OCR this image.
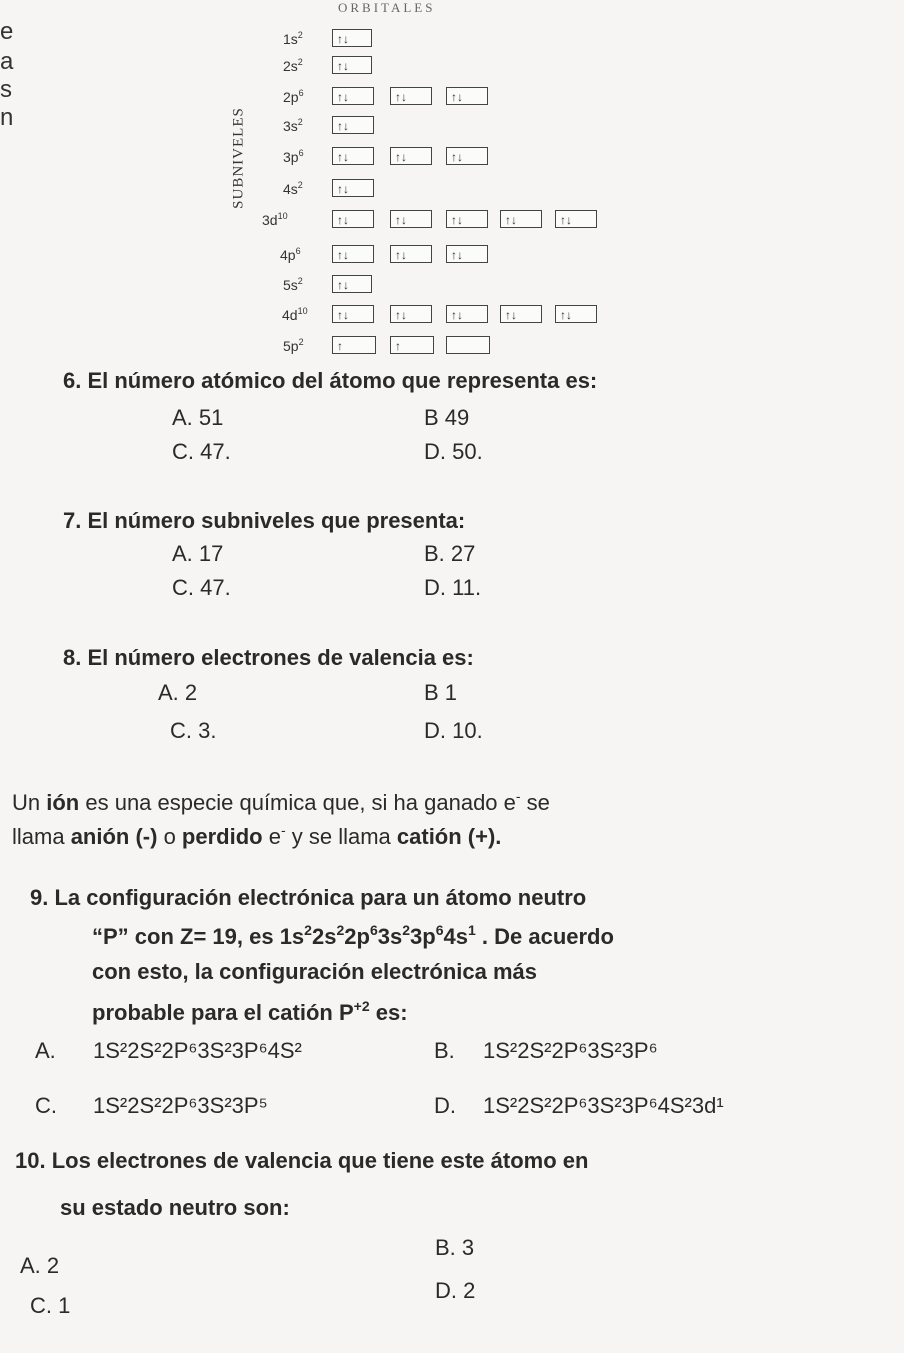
ORBITALES
e
a
s
n	SUBNIVELES
$1s^2$	↑↓
$2s^2$	↑↓
$2p^6$	↑↓	↑↓	↑↓
$3s^2$	↑↓
$3p^6$	↑↓	↑↓	↑↓
$4s^2$	↑↓
$3d^{10}$	↑↓	↑↓	↑↓	↑↓	↑↓
$4p^6$	↑↓	↑↓	↑↓
$5s^2$	↑↓
$4d^{10}$	↑↓	↑↓	↑↓	↑↓	↑↓
$5p^2$	↑	↑
6. El número atómico del átomo que representa es:
A. 51	B 49
C. 47.	D. 50.
7. El número subniveles que presenta:
A. 17	B. 27
C. 47.	D. 11.
8. El número electrones de valencia es:
A. 2	B 1
C. 3.	D. 10.
Un ión es una especie química que, si ha ganado e- se
llama anión (-) o perdido e- y se llama catión (+).
9. La configuración electrónica para un átomo neutro
“P” con Z= 19, es $1s^22s^22p^63s^23p^64s^1$ . De acuerdo
con esto, la configuración electrónica más
probable para el catión $P^{+2}$ es:
A. 1S²2S²2P⁶3S²3P⁶4S²	B. 1S²2S²2P⁶3S²3P⁶
C. 1S²2S²2P⁶3S²3P⁵	D. 1S²2S²2P⁶3S²3P⁶4S²3d¹
10. Los electrones de valencia que tiene este átomo en
su estado neutro son:
A. 2
B. 3
C. 1
D. 2
